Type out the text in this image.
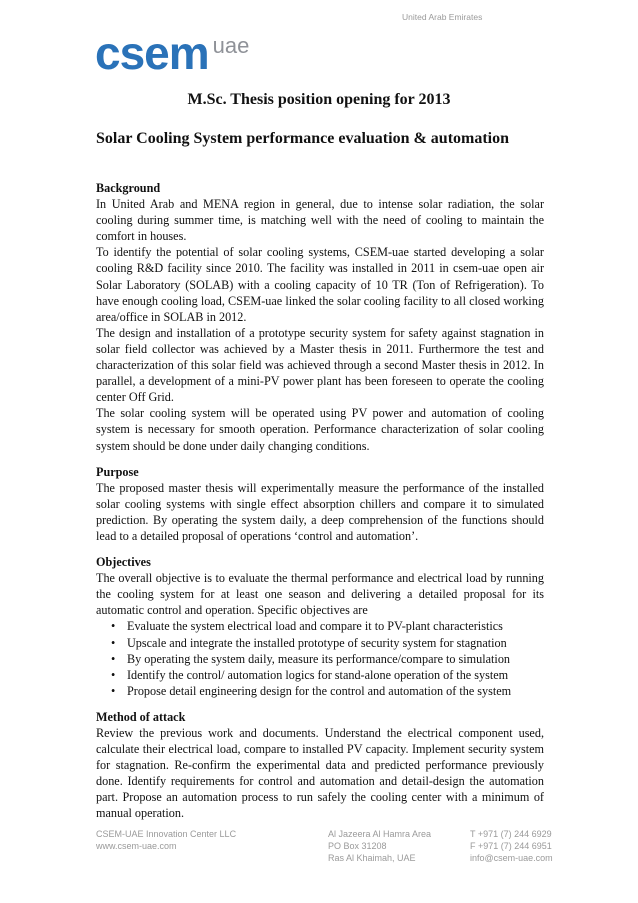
United Arab Emirates
csem uae
M.Sc. Thesis position opening for 2013
Solar Cooling System performance evaluation & automation
Background

In United Arab and MENA region in general, due to intense solar radiation, the solar cooling during summer time, is matching well with the need of cooling to maintain the comfort in houses.

To identify the potential of solar cooling systems, CSEM-uae started developing a solar cooling R&D facility since 2010. The facility was installed in 2011 in csem-uae open air Solar Laboratory (SOLAB) with a cooling capacity of 10 TR (Ton of Refrigeration). To have enough cooling load, CSEM-uae linked the solar cooling facility to all closed working area/office in SOLAB in 2012.

The design and installation of a prototype security system for safety against stagnation in solar field collector was achieved by a Master thesis in 2011. Furthermore the test and characterization of this solar field was achieved through a second Master thesis in 2012. In parallel, a development of a mini-PV power plant has been foreseen to operate the cooling center Off Grid.

The solar cooling system will be operated using PV power and automation of cooling system is necessary for smooth operation. Performance characterization of solar cooling system should be done under daily changing conditions.

Purpose

The proposed master thesis will experimentally measure the performance of the installed solar cooling systems with single effect absorption chillers and compare it to simulated prediction. By operating the system daily, a deep comprehension of the functions should lead to a detailed proposal of operations ‘control and automation’.

Objectives

The overall objective is to evaluate the thermal performance and electrical load by running the cooling system for at least one season and delivering a detailed proposal for its automatic control and operation. Specific objectives are

• Evaluate the system electrical load and compare it to PV-plant characteristics
• Upscale and integrate the installed prototype of security system for stagnation
• By operating the system daily, measure its performance/compare to simulation
• Identify the control/ automation logics for stand-alone operation of the system
• Propose detail engineering design for the control and automation of the system
Method of attack

Review the previous work and documents. Understand the electrical component used, calculate their electrical load, compare to installed PV capacity. Implement security system for stagnation. Re-confirm the experimental data and predicted performance previously done. Identify requirements for control and automation and detail-design the automation part. Propose an automation process to run safely the cooling center with a minimum of manual operation.

CSEM-UAE Innovation Center LLC
www.csem-uae.com
Al Jazeera Al Hamra Area
PO Box 31208
Ras Al Khaimah, UAE
T +971 (7) 244 6929
F +971 (7) 244 6951
info@csem-uae.com
